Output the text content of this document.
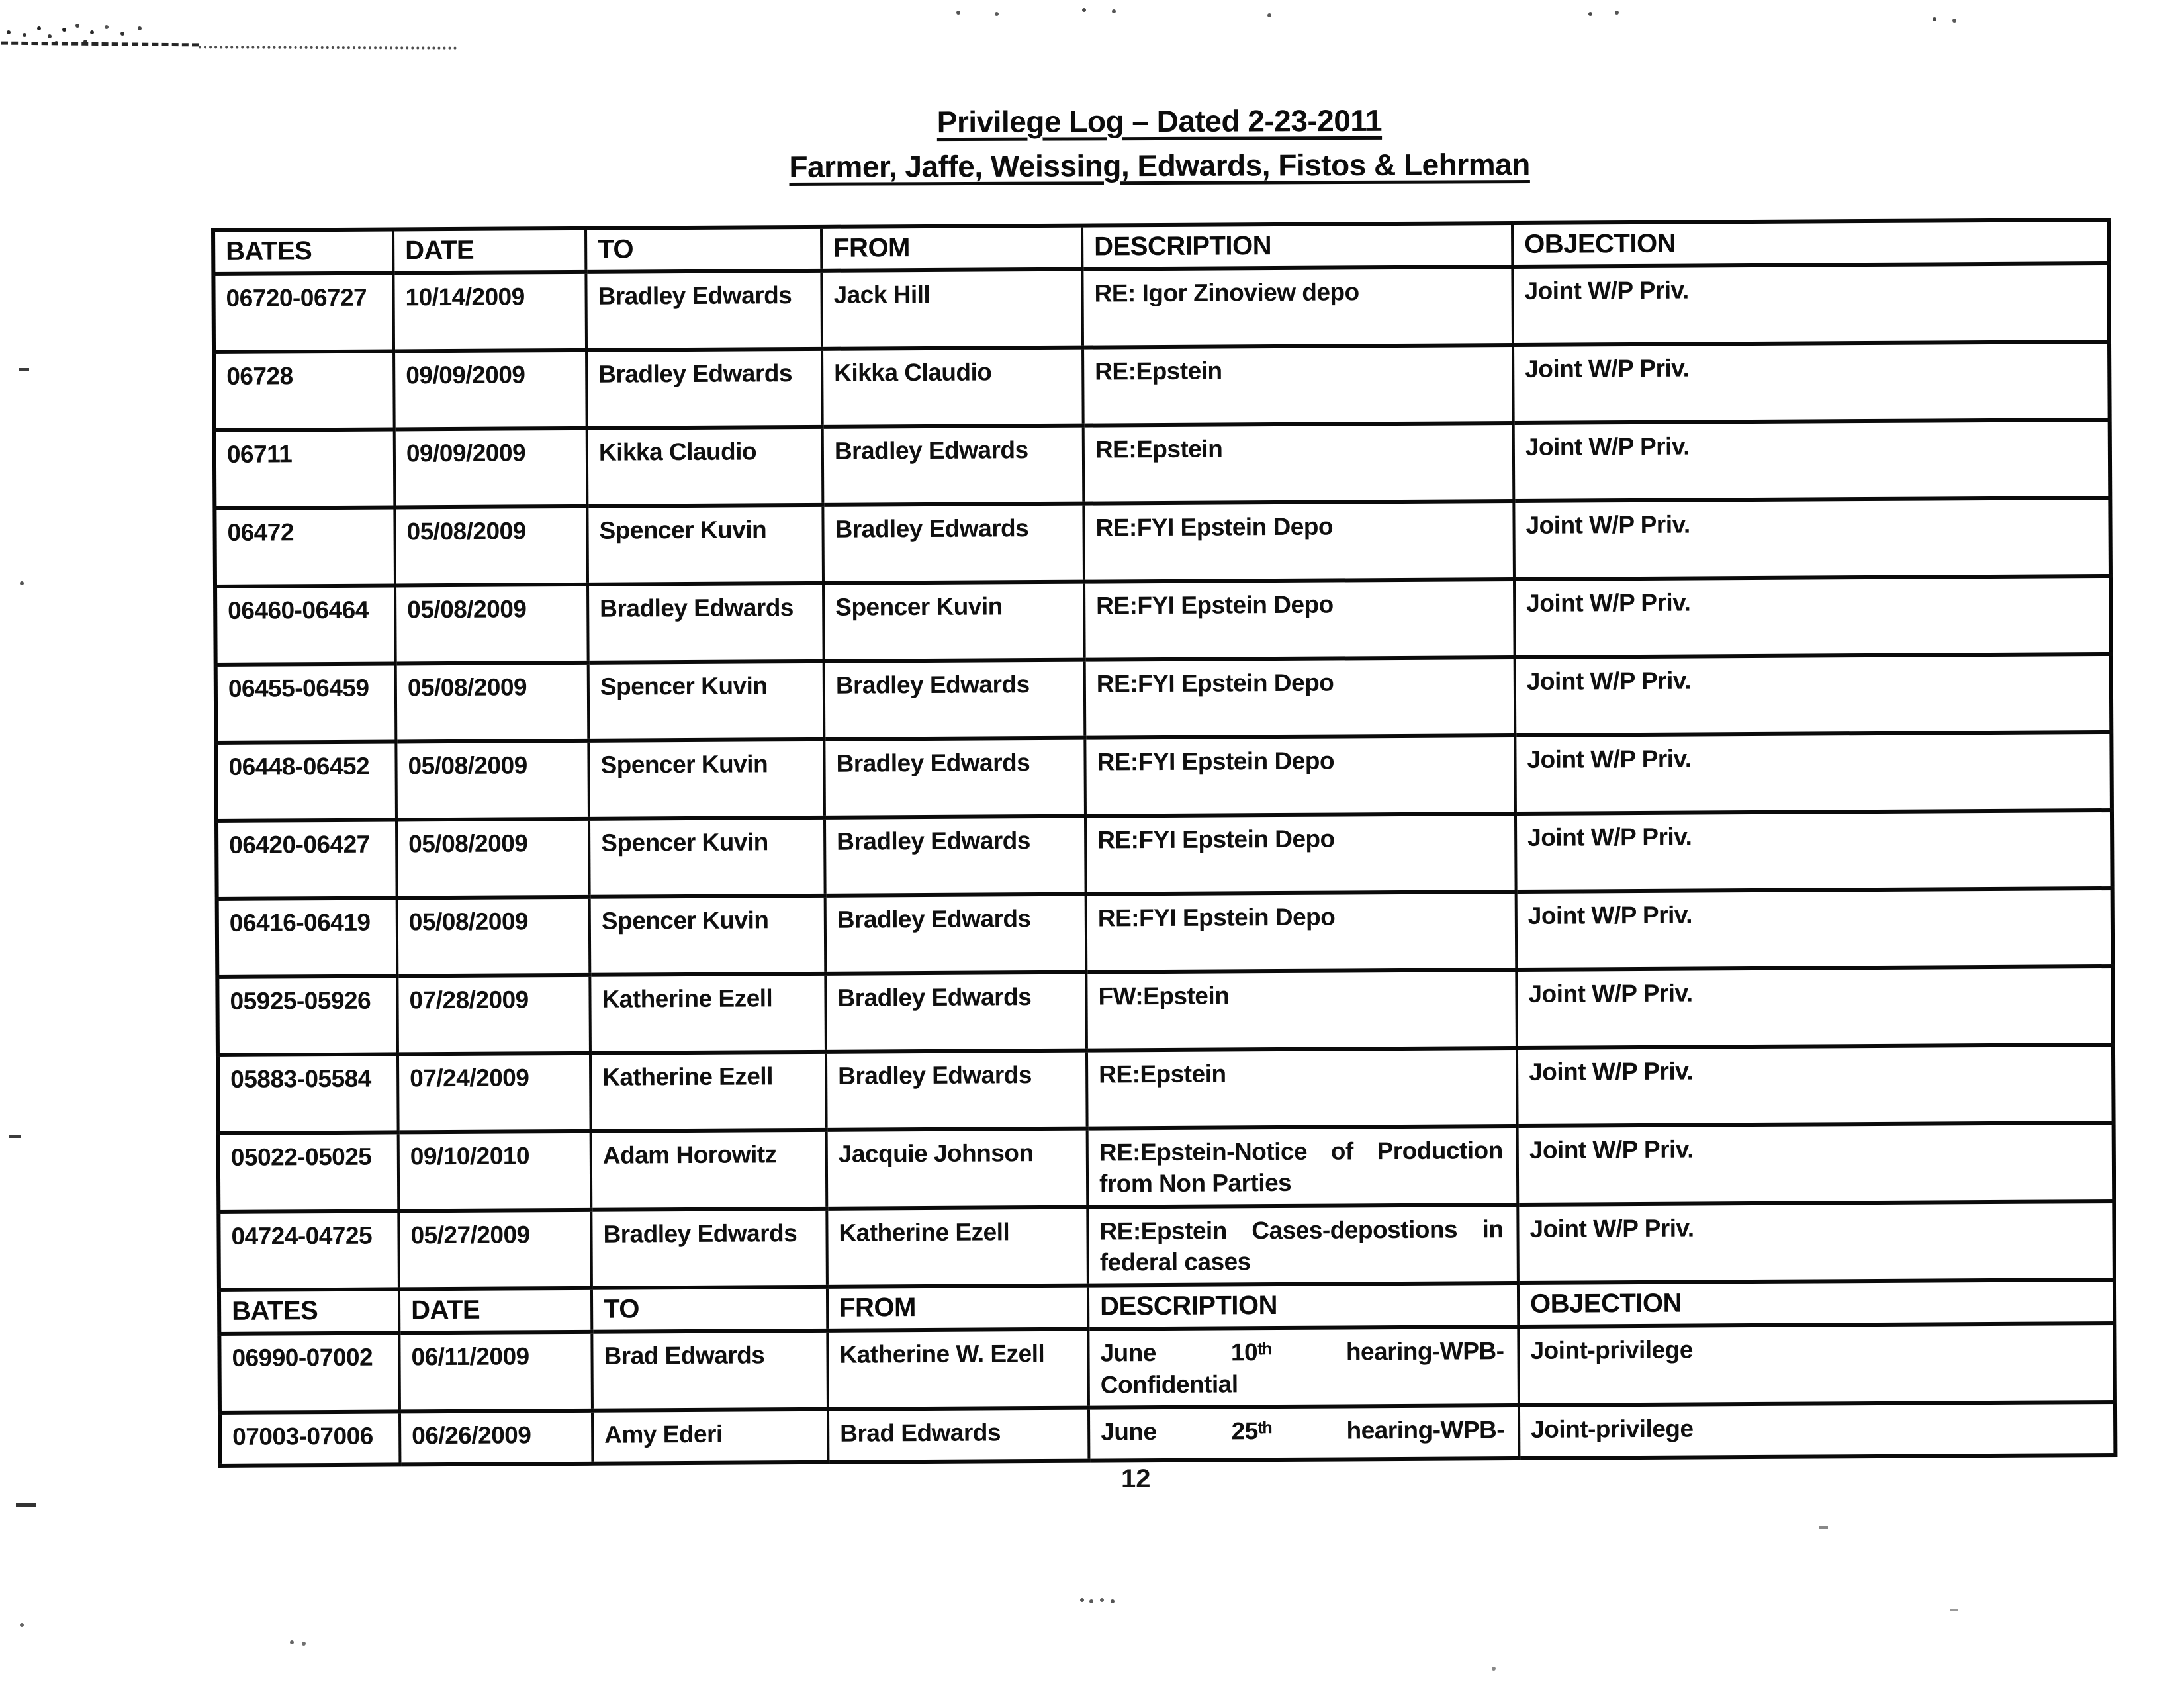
Privilege Log – Dated 2-23-2011
Farmer, Jaffe, Weissing, Edwards, Fistos & Lehrman
BATES	DATE	TO	FROM	DESCRIPTION	OBJECTION
06720-06727	10/14/2009	Bradley Edwards	Jack Hill	RE: Igor Zinoview depo	Joint W/P Priv.
06728	09/09/2009	Bradley Edwards	Kikka Claudio	RE:Epstein	Joint W/P Priv.
06711	09/09/2009	Kikka Claudio	Bradley Edwards	RE:Epstein	Joint W/P Priv.
06472	05/08/2009	Spencer Kuvin	Bradley Edwards	RE:FYI Epstein Depo	Joint W/P Priv.
06460-06464	05/08/2009	Bradley Edwards	Spencer Kuvin	RE:FYI Epstein Depo	Joint W/P Priv.
06455-06459	05/08/2009	Spencer Kuvin	Bradley Edwards	RE:FYI Epstein Depo	Joint W/P Priv.
06448-06452	05/08/2009	Spencer Kuvin	Bradley Edwards	RE:FYI Epstein Depo	Joint W/P Priv.
06420-06427	05/08/2009	Spencer Kuvin	Bradley Edwards	RE:FYI Epstein Depo	Joint W/P Priv.
06416-06419	05/08/2009	Spencer Kuvin	Bradley Edwards	RE:FYI Epstein Depo	Joint W/P Priv.
05925-05926	07/28/2009	Katherine Ezell	Bradley Edwards	FW:Epstein	Joint W/P Priv.
05883-05584	07/24/2009	Katherine Ezell	Bradley Edwards	RE:Epstein	Joint W/P Priv.
05022-05025	09/10/2010	Adam Horowitz	Jacquie Johnson	RE:Epstein-Notice of Production from Non Parties	Joint W/P Priv.
04724-04725	05/27/2009	Bradley Edwards	Katherine Ezell	RE:Epstein Cases-depostions in federal cases	Joint W/P Priv.
BATES	DATE	TO	FROM	DESCRIPTION	OBJECTION
06990-07002	06/11/2009	Brad Edwards	Katherine W. Ezell	June 10ᵗʰ hearing-WPB-Confidential	Joint-privilege
07003-07006	06/26/2009	Amy Ederi	Brad Edwards	June 25ᵗʰ hearing-WPB-	Joint-privilege
12
